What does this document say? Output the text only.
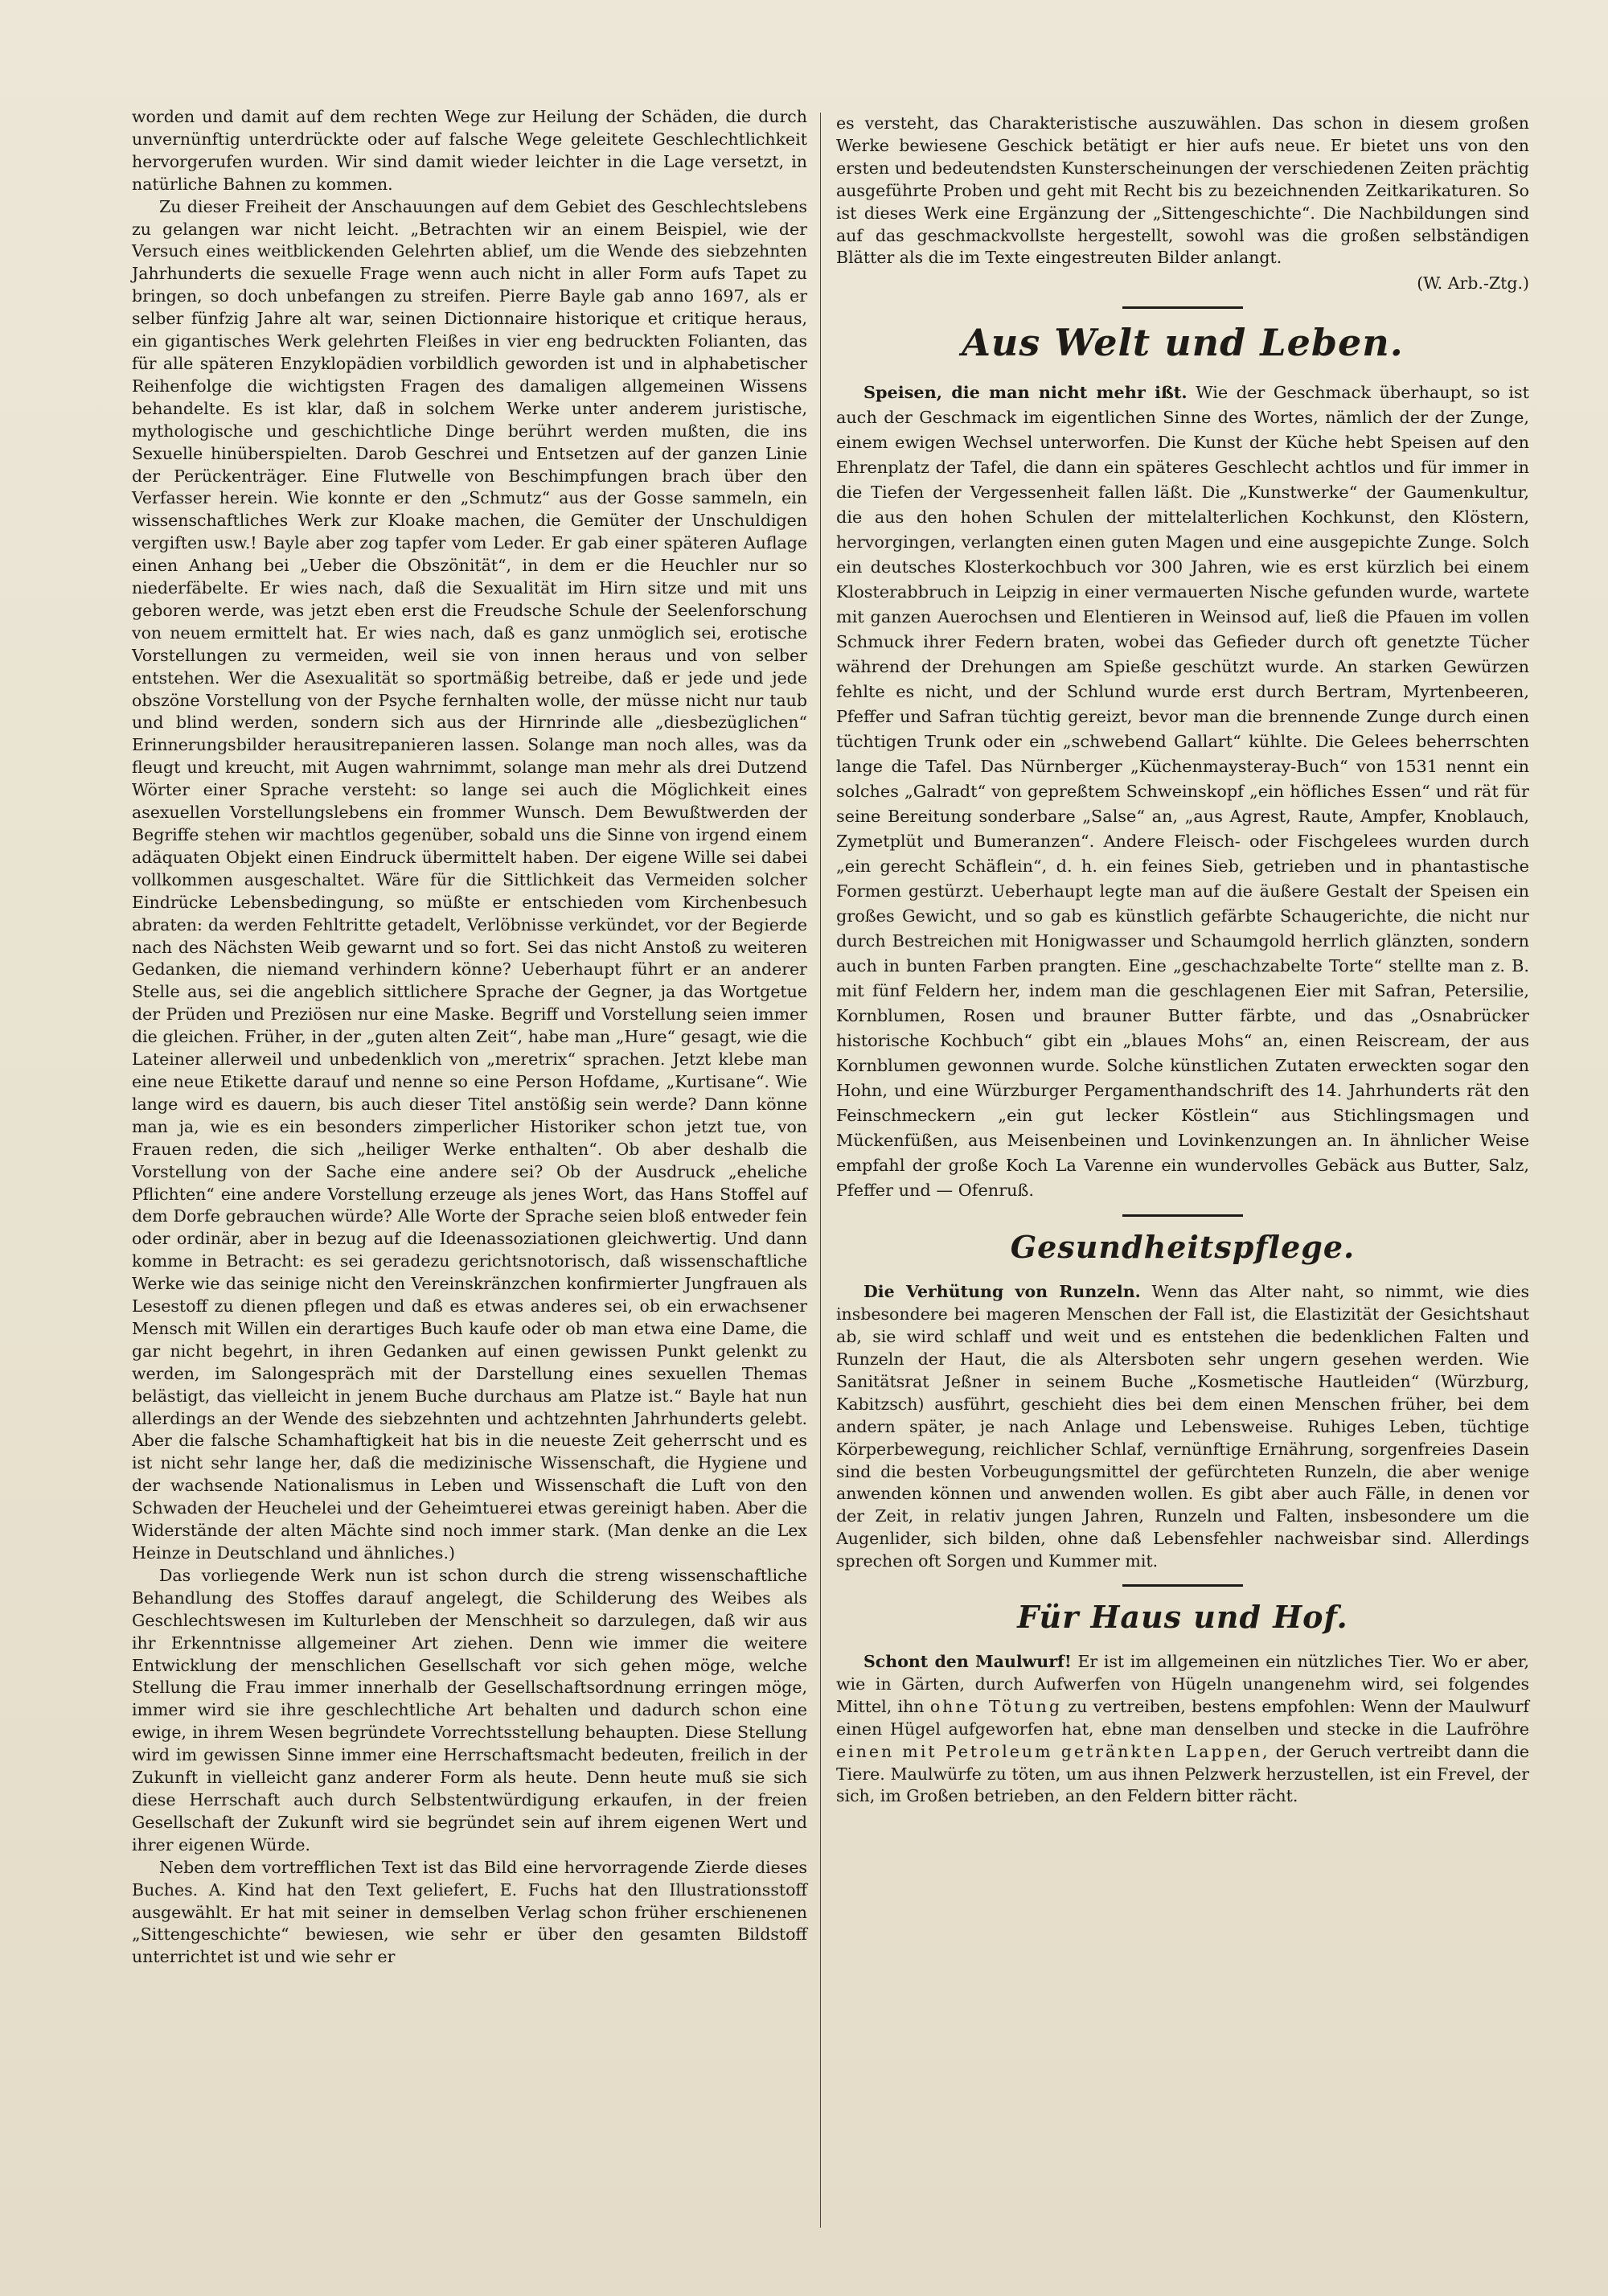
worden und damit auf dem rechten Wege zur Heilung der Schäden, die durch unvernünftig unterdrückte oder auf falsche Wege geleitete Geschlechtlichkeit hervorgerufen wurden. Wir sind damit wieder leichter in die Lage versetzt, in natürliche Bahnen zu kommen.

Zu dieser Freiheit der Anschauungen auf dem Gebiet des Geschlechtslebens zu gelangen war nicht leicht. „Betrachten wir an einem Beispiel, wie der Versuch eines weitblickenden Gelehrten ablief, um die Wende des siebzehnten Jahrhunderts die sexuelle Frage wenn auch nicht in aller Form aufs Tapet zu bringen, so doch unbefangen zu streifen. Pierre Bayle gab anno 1697, als er selber fünfzig Jahre alt war, seinen Dictionnaire historique et critique heraus, ein gigantisches Werk gelehrten Fleißes in vier eng bedruckten Folianten, das für alle späteren Enzyklopädien vorbildlich geworden ist und in alphabetischer Reihenfolge die wichtigsten Fragen des damaligen allgemeinen Wissens behandelte. Es ist klar, daß in solchem Werke unter anderem juristische, mythologische und geschichtliche Dinge berührt werden mußten, die ins Sexuelle hinüberspielten. Darob Geschrei und Entsetzen auf der ganzen Linie der Perückenträger. Eine Flutwelle von Beschimpfungen brach über den Verfasser herein. Wie konnte er den „Schmutz“ aus der Gosse sammeln, ein wissenschaftliches Werk zur Kloake machen, die Gemüter der Unschuldigen vergiften usw.! Bayle aber zog tapfer vom Leder. Er gab einer späteren Auflage einen Anhang bei „Ueber die Obszönität“, in dem er die Heuchler nur so niederfäbelte. Er wies nach, daß die Sexualität im Hirn sitze und mit uns geboren werde, was jetzt eben erst die Freudsche Schule der Seelenforschung von neuem ermittelt hat. Er wies nach, daß es ganz unmöglich sei, erotische Vorstellungen zu vermeiden, weil sie von innen heraus und von selber entstehen. Wer die Asexualität so sportmäßig betreibe, daß er jede und jede obszöne Vorstellung von der Psyche fernhalten wolle, der müsse nicht nur taub und blind werden, sondern sich aus der Hirnrinde alle „diesbezüglichen“ Erinnerungsbilder herausitrepanieren lassen. Solange man noch alles, was da fleugt und kreucht, mit Augen wahrnimmt, solange man mehr als drei Dutzend Wörter einer Sprache versteht: so lange sei auch die Möglichkeit eines asexuellen Vorstellungslebens ein frommer Wunsch. Dem Bewußtwerden der Begriffe stehen wir machtlos gegenüber, sobald uns die Sinne von irgend einem adäquaten Objekt einen Eindruck übermittelt haben. Der eigene Wille sei dabei vollkommen ausgeschaltet. Wäre für die Sittlichkeit das Vermeiden solcher Eindrücke Lebensbedingung, so müßte er entschieden vom Kirchenbesuch abraten: da werden Fehltritte getadelt, Verlöbnisse verkündet, vor der Begierde nach des Nächsten Weib gewarnt und so fort. Sei das nicht Anstoß zu weiteren Gedanken, die niemand verhindern könne? Ueberhaupt führt er an anderer Stelle aus, sei die angeblich sittlichere Sprache der Gegner, ja das Wortgetue der Prüden und Preziösen nur eine Maske. Begriff und Vorstellung seien immer die gleichen. Früher, in der „guten alten Zeit“, habe man „Hure“ gesagt, wie die Lateiner allerweil und unbedenklich von „meretrix“ sprachen. Jetzt klebe man eine neue Etikette darauf und nenne so eine Person Hofdame, „Kurtisane“. Wie lange wird es dauern, bis auch dieser Titel anstößig sein werde? Dann könne man ja, wie es ein besonders zimperlicher Historiker schon jetzt tue, von Frauen reden, die sich „heiliger Werke enthalten“. Ob aber deshalb die Vorstellung von der Sache eine andere sei? Ob der Ausdruck „eheliche Pflichten“ eine andere Vorstellung erzeuge als jenes Wort, das Hans Stoffel auf dem Dorfe gebrauchen würde? Alle Worte der Sprache seien bloß entweder fein oder ordinär, aber in bezug auf die Ideenassoziationen gleichwertig. Und dann komme in Betracht: es sei geradezu gerichtsnotorisch, daß wissenschaftliche Werke wie das seinige nicht den Vereinskränzchen konfirmierter Jungfrauen als Lesestoff zu dienen pflegen und daß es etwas anderes sei, ob ein erwachsener Mensch mit Willen ein derartiges Buch kaufe oder ob man etwa eine Dame, die gar nicht begehrt, in ihren Gedanken auf einen gewissen Punkt gelenkt zu werden, im Salongespräch mit der Darstellung eines sexuellen Themas belästigt, das vielleicht in jenem Buche durchaus am Platze ist.“ Bayle hat nun allerdings an der Wende des siebzehnten und achtzehnten Jahrhunderts gelebt. Aber die falsche Schamhaftigkeit hat bis in die neueste Zeit geherrscht und es ist nicht sehr lange her, daß die medizinische Wissenschaft, die Hygiene und der wachsende Nationalismus in Leben und Wissenschaft die Luft von den Schwaden der Heuchelei und der Geheimtuerei etwas gereinigt haben. Aber die Widerstände der alten Mächte sind noch immer stark. (Man denke an die Lex Heinze in Deutschland und ähnliches.)

Das vorliegende Werk nun ist schon durch die streng wissenschaftliche Behandlung des Stoffes darauf angelegt, die Schilderung des Weibes als Geschlechtswesen im Kulturleben der Menschheit so darzulegen, daß wir aus ihr Erkenntnisse allgemeiner Art ziehen. Denn wie immer die weitere Entwicklung der menschlichen Gesellschaft vor sich gehen möge, welche Stellung die Frau immer innerhalb der Gesellschaftsordnung erringen möge, immer wird sie ihre geschlechtliche Art behalten und dadurch schon eine ewige, in ihrem Wesen begründete Vorrechtsstellung behaupten. Diese Stellung wird im gewissen Sinne immer eine Herrschaftsmacht bedeuten, freilich in der Zukunft in vielleicht ganz anderer Form als heute. Denn heute muß sie sich diese Herrschaft auch durch Selbstentwürdigung erkaufen, in der freien Gesellschaft der Zukunft wird sie begründet sein auf ihrem eigenen Wert und ihrer eigenen Würde.

Neben dem vortrefflichen Text ist das Bild eine hervorragende Zierde dieses Buches. A. Kind hat den Text geliefert, E. Fuchs hat den Illustrationsstoff ausgewählt. Er hat mit seiner in demselben Verlag schon früher erschienenen „Sittengeschichte“ bewiesen, wie sehr er über den gesamten Bildstoff unterrichtet ist und wie sehr er

es versteht, das Charakteristische auszuwählen. Das schon in diesem großen Werke bewiesene Geschick betätigt er hier aufs neue. Er bietet uns von den ersten und bedeutendsten Kunsterscheinungen der verschiedenen Zeiten prächtig ausgeführte Proben und geht mit Recht bis zu bezeichnenden Zeitkarikaturen. So ist dieses Werk eine Ergänzung der „Sittengeschichte“. Die Nachbildungen sind auf das geschmackvollste hergestellt, sowohl was die großen selbständigen Blätter als die im Texte eingestreuten Bilder anlangt.

(W. Arb.-Ztg.)

Aus Welt und Leben.

Speisen, die man nicht mehr ißt. Wie der Geschmack überhaupt, so ist auch der Geschmack im eigentlichen Sinne des Wortes, nämlich der der Zunge, einem ewigen Wechsel unterworfen. Die Kunst der Küche hebt Speisen auf den Ehrenplatz der Tafel, die dann ein späteres Geschlecht achtlos und für immer in die Tiefen der Vergessenheit fallen läßt. Die „Kunstwerke“ der Gaumenkultur, die aus den hohen Schulen der mittelalterlichen Kochkunst, den Klöstern, hervorgingen, verlangten einen guten Magen und eine ausgepichte Zunge. Solch ein deutsches Klosterkochbuch vor 300 Jahren, wie es erst kürzlich bei einem Klosterabbruch in Leipzig in einer vermauerten Nische gefunden wurde, wartete mit ganzen Auerochsen und Elentieren in Weinsod auf, ließ die Pfauen im vollen Schmuck ihrer Federn braten, wobei das Gefieder durch oft genetzte Tücher während der Drehungen am Spieße geschützt wurde. An starken Gewürzen fehlte es nicht, und der Schlund wurde erst durch Bertram, Myrtenbeeren, Pfeffer und Safran tüchtig gereizt, bevor man die brennende Zunge durch einen tüchtigen Trunk oder ein „schwebend Gallart“ kühlte. Die Gelees beherrschten lange die Tafel. Das Nürnberger „Küchenmaysteray-Buch“ von 1531 nennt ein solches „Galradt“ von gepreßtem Schweinskopf „ein höfliches Essen“ und rät für seine Bereitung sonderbare „Salse“ an, „aus Agrest, Raute, Ampfer, Knoblauch, Zymetplüt und Bumeranzen“. Andere Fleisch- oder Fischgelees wurden durch „ein gerecht Schäflein“, d. h. ein feines Sieb, getrieben und in phantastische Formen gestürzt. Ueberhaupt legte man auf die äußere Gestalt der Speisen ein großes Gewicht, und so gab es künstlich gefärbte Schaugerichte, die nicht nur durch Bestreichen mit Honigwasser und Schaumgold herrlich glänzten, sondern auch in bunten Farben prangten. Eine „geschachzabelte Torte“ stellte man z. B. mit fünf Feldern her, indem man die geschlagenen Eier mit Safran, Petersilie, Kornblumen, Rosen und brauner Butter färbte, und das „Osnabrücker historische Kochbuch“ gibt ein „blaues Mohs“ an, einen Reiscream, der aus Kornblumen gewonnen wurde. Solche künstlichen Zutaten erweckten sogar den Hohn, und eine Würzburger Pergamenthandschrift des 14. Jahrhunderts rät den Feinschmeckern „ein gut lecker Köstlein“ aus Stichlingsmagen und Mückenfüßen, aus Meisenbeinen und Lovinkenzungen an. In ähnlicher Weise empfahl der große Koch La Varenne ein wundervolles Gebäck aus Butter, Salz, Pfeffer und — Ofenruß.

Gesundheitspflege.

Die Verhütung von Runzeln. Wenn das Alter naht, so nimmt, wie dies insbesondere bei mageren Menschen der Fall ist, die Elastizität der Gesichtshaut ab, sie wird schlaff und weit und es entstehen die bedenklichen Falten und Runzeln der Haut, die als Altersboten sehr ungern gesehen werden. Wie Sanitätsrat Jeßner in seinem Buche „Kosmetische Hautleiden“ (Würzburg, Kabitzsch) ausführt, geschieht dies bei dem einen Menschen früher, bei dem andern später, je nach Anlage und Lebensweise. Ruhiges Leben, tüchtige Körperbewegung, reichlicher Schlaf, vernünftige Ernährung, sorgenfreies Dasein sind die besten Vorbeugungsmittel der gefürchteten Runzeln, die aber wenige anwenden können und anwenden wollen. Es gibt aber auch Fälle, in denen vor der Zeit, in relativ jungen Jahren, Runzeln und Falten, insbesondere um die Augenlider, sich bilden, ohne daß Lebensfehler nachweisbar sind. Allerdings sprechen oft Sorgen und Kummer mit.

Für Haus und Hof.

Schont den Maulwurf! Er ist im allgemeinen ein nützliches Tier. Wo er aber, wie in Gärten, durch Aufwerfen von Hügeln unangenehm wird, sei folgendes Mittel, ihn ohne Tötung zu vertreiben, bestens empfohlen: Wenn der Maulwurf einen Hügel aufgeworfen hat, ebne man denselben und stecke in die Laufröhre einen mit Petroleum getränkten Lappen, der Geruch vertreibt dann die Tiere. Maulwürfe zu töten, um aus ihnen Pelzwerk herzustellen, ist ein Frevel, der sich, im Großen betrieben, an den Feldern bitter rächt.
